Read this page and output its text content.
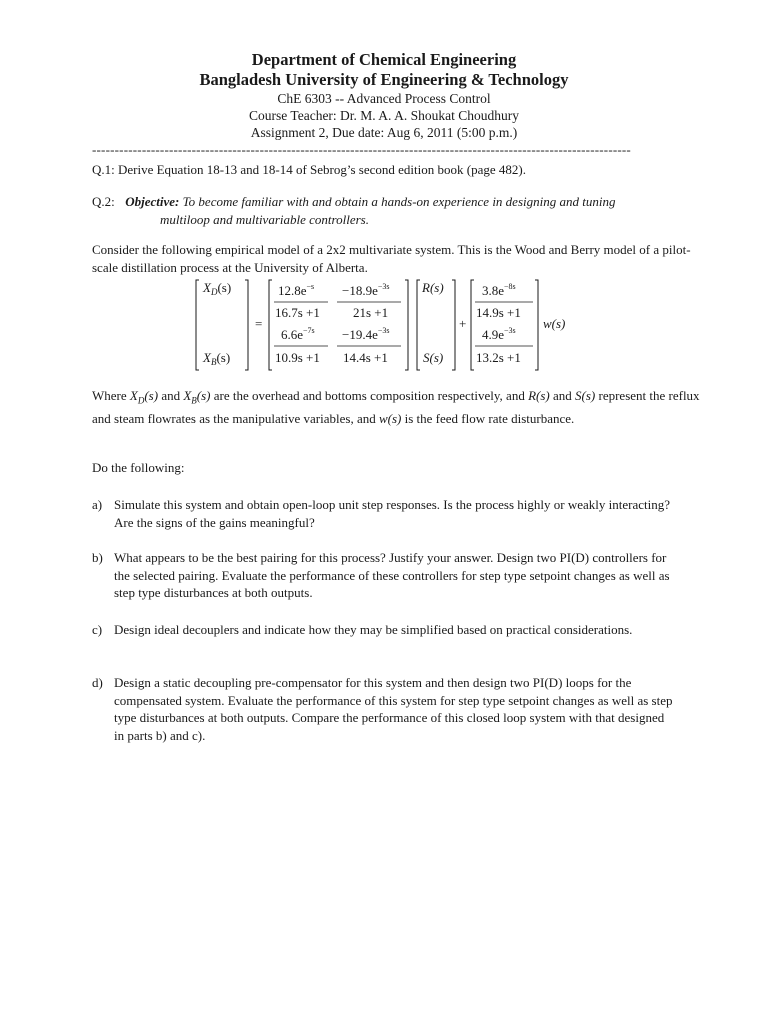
Department of Chemical Engineering
Bangladesh University of Engineering & Technology
ChE 6303 -- Advanced Process Control
Course Teacher: Dr. M. A. A. Shoukat Choudhury
Assignment 2, Due date: Aug 6, 2011 (5:00 p.m.)
-----------------------------------------------------------------------------------------------------------------------
Q.1: Derive Equation 18-13 and 18-14 of Sebrog’s second edition book (page 482).
Q.2: Objective: To become familiar with and obtain a hands-on experience in designing and tuning
multiloop and multivariable controllers.
Consider the following empirical model of a 2x2 multivariate system. This is the Wood and Berry model of a pilot-scale distillation process at the University of Alberta.
$X_D(s)$
$X_B(s)$
=
$12.8e^{-s}$
16.7s +1
$-18.9e^{-3s}$
21s +1
$6.6e^{-7s}$
10.9s +1
$-19.4e^{-3s}$
14.4s +1
R(s)
S(s)
+
$3.8e^{-8s}$
14.9s +1
$4.9e^{-3s}$
13.2s +1
w(s)
Where $X_D(s)$ and $X_B(s)$ are the overhead and bottoms composition respectively, and R(s) and S(s) represent the reflux and steam flowrates as the manipulative variables, and w(s) is the feed flow rate disturbance.
Do the following:
a) Simulate this system and obtain open-loop unit step responses. Is the process highly or weakly interacting? Are the signs of the gains meaningful?
b) What appears to be the best pairing for this process? Justify your answer. Design two PI(D) controllers for the selected pairing. Evaluate the performance of these controllers for step type setpoint changes as well as step type disturbances at both outputs.
c) Design ideal decouplers and indicate how they may be simplified based on practical considerations.
d) Design a static decoupling pre-compensator for this system and then design two PI(D) loops for the compensated system. Evaluate the performance of this system for step type setpoint changes as well as step type disturbances at both outputs. Compare the performance of this closed loop system with that designed in parts b) and c).
